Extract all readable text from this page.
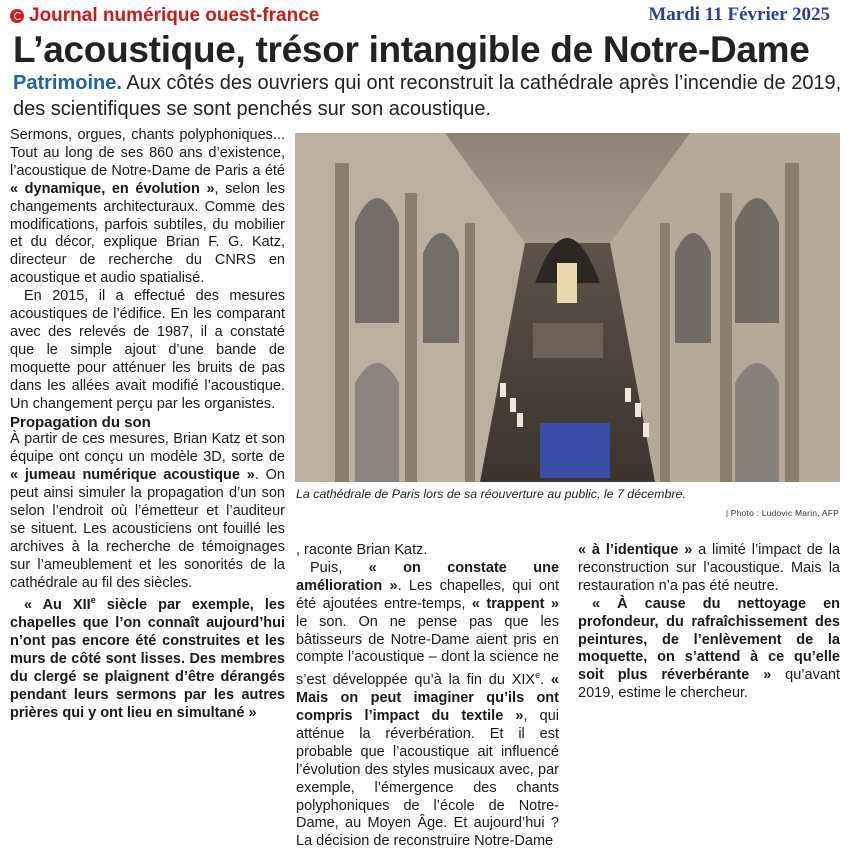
Journal numérique ouest-france	Mardi 11 Février 2025
L’acoustique, trésor intangible de Notre-Dame
Patrimoine. Aux côtés des ouvriers qui ont reconstruit la cathédrale après l’incendie de 2019, des scientifiques se sont penchés sur son acoustique.

Sermons, orgues, chants polyphoniques... Tout au long de ses 860 ans d’existence, l’acoustique de Notre-Dame de Paris a été « dynamique, en évolution », selon les changements architecturaux. Comme des modifications, parfois subtiles, du mobilier et du décor, explique Brian F. G. Katz, directeur de recherche du CNRS en acoustique et audio spatialisé.

En 2015, il a effectué des mesures acoustiques de l’édifice. En les comparant avec des relevés de 1987, il a constaté que le simple ajout d’une bande de moquette pour atténuer les bruits de pas dans les allées avait modifié l’acoustique. Un changement perçu par les organistes.

Propagation du son

À partir de ces mesures, Brian Katz et son équipe ont conçu un modèle 3D, sorte de « jumeau numérique acoustique ». On peut ainsi simuler la propagation d’un son selon l’endroit où l’émetteur et l’auditeur se situent. Les acousticiens ont fouillé les archives à la recherche de témoignages sur l’ameublement et les sonorités de la cathédrale au fil des siècles.

« Au XIIe siècle par exemple, les chapelles que l’on connaît aujourd’hui n’ont pas encore été construites et les murs de côté sont lisses. Des membres du clergé se plaignent d’être dérangés pendant leurs sermons par les autres prières qui y ont lieu en simultané »

, raconte Brian Katz.

Puis, « on constate une amélioration ». Les chapelles, qui ont été ajoutées entre-temps, « trappent » le son. On ne pense pas que les bâtisseurs de Notre-Dame aient pris en compte l’acoustique – dont la science ne s’est développée qu’à la fin du XIXe. « Mais on peut imaginer qu’ils ont compris l’impact du textile », qui atténue la réverbération. Et il est probable que l’acoustique ait influencé l’évolution des styles musicaux avec, par exemple, l’émergence des chants polyphoniques de l’école de Notre-Dame, au Moyen Âge. Et aujourd’hui ? La décision de reconstruire Notre-Dame

« à l’identique » a limité l’impact de la reconstruction sur l’acoustique. Mais la restauration n’a pas été neutre.

« À cause du nettoyage en profondeur, du rafraîchissement des peintures, de l’enlèvement de la moquette, on s’attend à ce qu’elle soit plus réverbérante » qu’avant 2019, estime le chercheur.

La cathédrale de Paris lors de sa réouverture au public, le 7 décembre.
| Photo : Ludovic Marin, AFP
